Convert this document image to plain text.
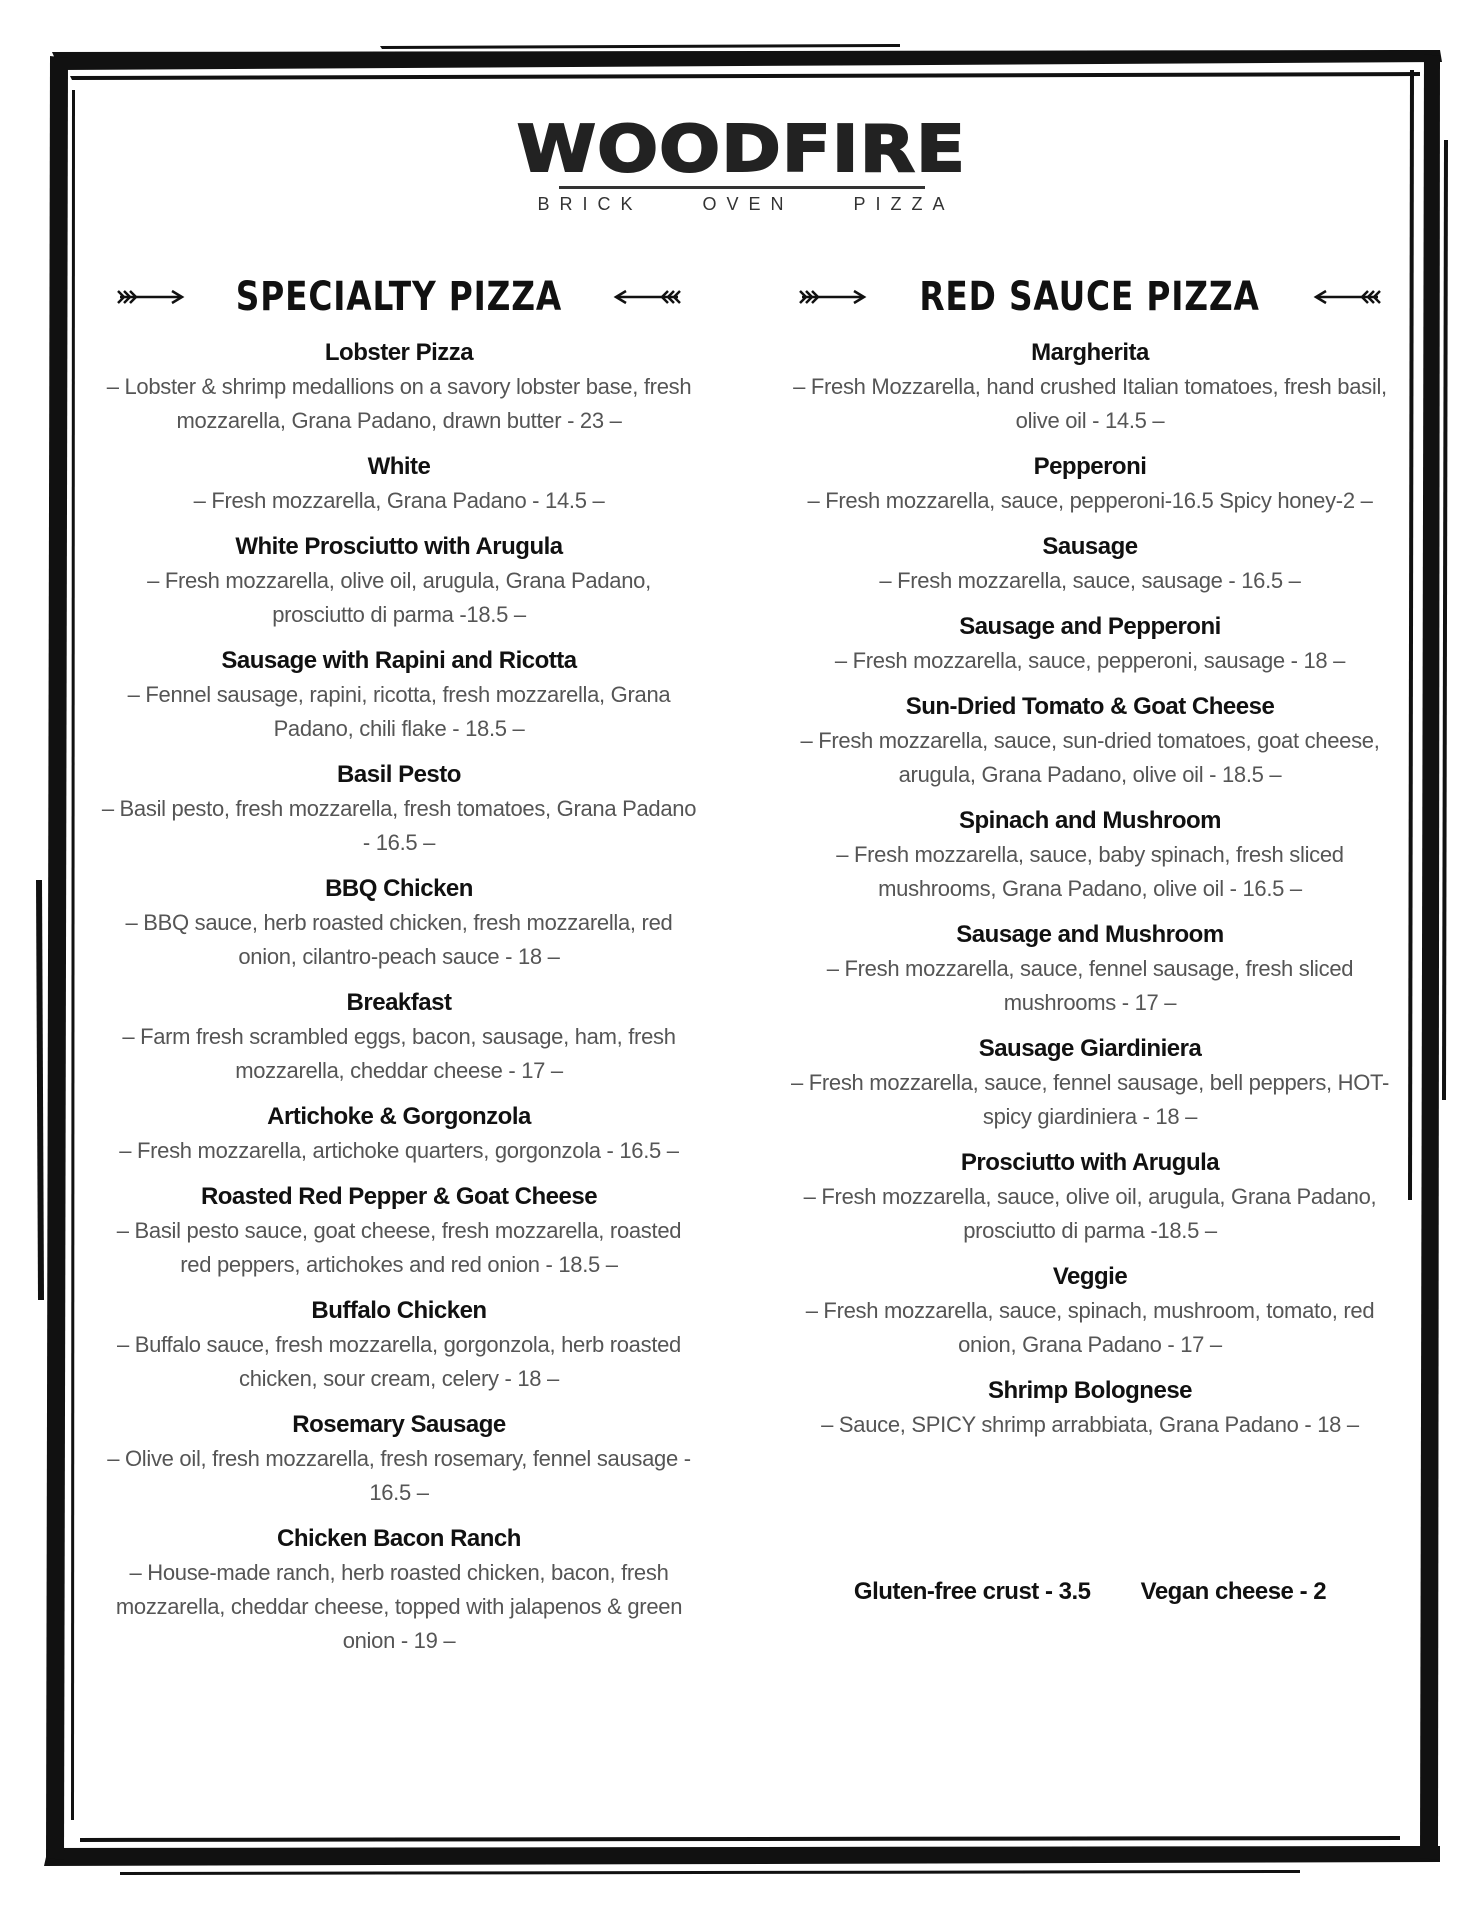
WOODFIRE
BRICK    OVEN    PIZZA
SPECIALTY PIZZA
Lobster Pizza
– Lobster & shrimp medallions on a savory lobster base, fresh mozzarella, Grana Padano, drawn butter - 23 –
White
– Fresh mozzarella, Grana Padano - 14.5 –
White Prosciutto with Arugula
– Fresh mozzarella, olive oil, arugula, Grana Padano, prosciutto di parma -18.5 –
Sausage with Rapini and Ricotta
– Fennel sausage, rapini, ricotta, fresh mozzarella, Grana Padano, chili flake - 18.5 –
Basil Pesto
– Basil pesto, fresh mozzarella, fresh tomatoes, Grana Padano - 16.5 –
BBQ Chicken
– BBQ sauce, herb roasted chicken, fresh mozzarella, red onion, cilantro-peach sauce - 18 –
Breakfast
– Farm fresh scrambled eggs, bacon, sausage, ham, fresh mozzarella, cheddar cheese - 17 –
Artichoke & Gorgonzola
– Fresh mozzarella, artichoke quarters, gorgonzola - 16.5 –
Roasted Red Pepper & Goat Cheese
– Basil pesto sauce, goat cheese, fresh mozzarella, roasted red peppers, artichokes and red onion - 18.5 –
Buffalo Chicken
– Buffalo sauce, fresh mozzarella, gorgonzola, herb roasted chicken, sour cream, celery - 18 –
Rosemary Sausage
– Olive oil, fresh mozzarella, fresh rosemary, fennel sausage - 16.5 –
Chicken Bacon Ranch
– House-made ranch, herb roasted chicken, bacon, fresh mozzarella, cheddar cheese, topped with jalapenos & green onion - 19 –
RED SAUCE PIZZA
Margherita
– Fresh Mozzarella, hand crushed Italian tomatoes, fresh basil, olive oil - 14.5 –
Pepperoni
– Fresh mozzarella, sauce, pepperoni-16.5 Spicy honey-2 –
Sausage
– Fresh mozzarella, sauce, sausage - 16.5 –
Sausage and Pepperoni
– Fresh mozzarella, sauce, pepperoni, sausage - 18 –
Sun-Dried Tomato & Goat Cheese
– Fresh mozzarella, sauce, sun-dried tomatoes, goat cheese, arugula, Grana Padano, olive oil - 18.5 –
Spinach and Mushroom
– Fresh mozzarella, sauce, baby spinach, fresh sliced mushrooms, Grana Padano, olive oil - 16.5 –
Sausage and Mushroom
– Fresh mozzarella, sauce, fennel sausage, fresh sliced mushrooms - 17 –
Sausage Giardiniera
– Fresh mozzarella, sauce, fennel sausage, bell peppers, HOT-spicy giardiniera - 18 –
Prosciutto with Arugula
– Fresh mozzarella, sauce, olive oil, arugula, Grana Padano, prosciutto di parma -18.5 –
Veggie
– Fresh mozzarella, sauce, spinach, mushroom, tomato, red onion, Grana Padano - 17 –
Shrimp Bolognese
– Sauce, SPICY shrimp arrabbiata, Grana Padano - 18 –
Gluten-free crust - 3.5 Vegan cheese - 2
